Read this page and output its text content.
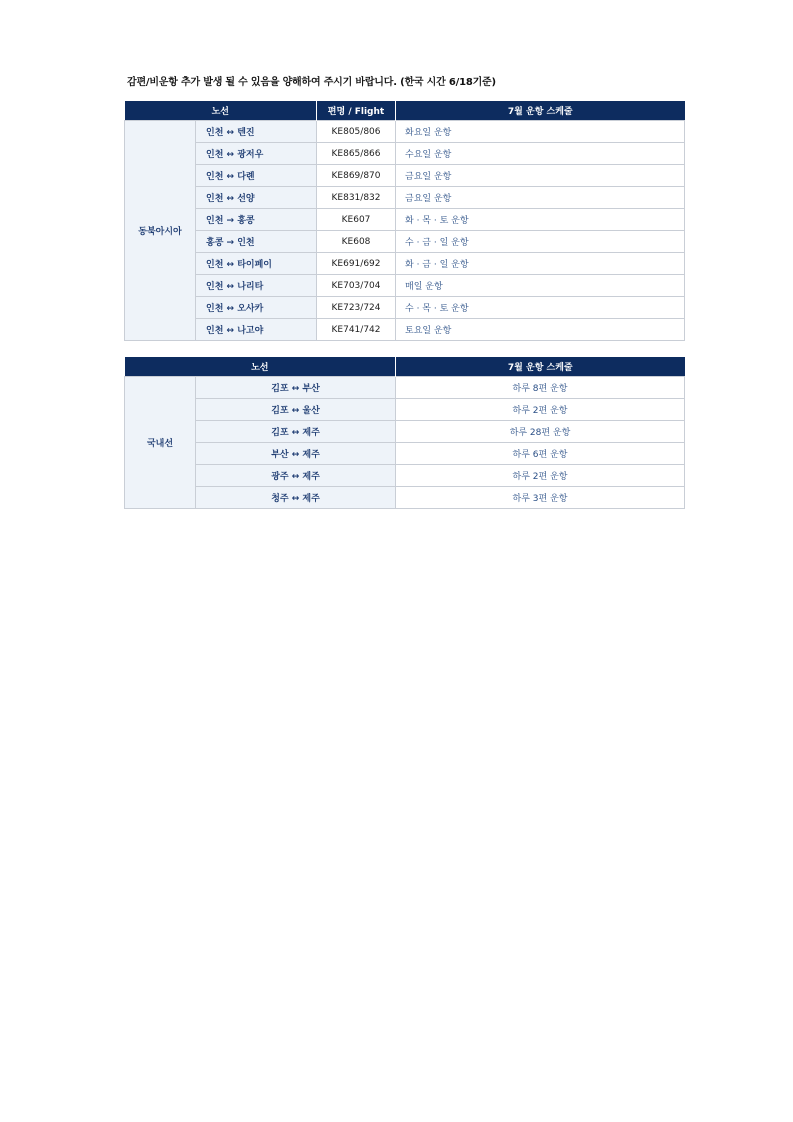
감편/비운항 추가 발생 될 수 있음을 양해하여 주시기 바랍니다. (한국 시간 6/18기준)
노선		편명 / Flight	7월 운항 스케줄
동북아시아	인천 ↔ 텐진	KE805/806	화요일 운항
	인천 ↔ 광저우	KE865/866	수요일 운항
	인천 ↔ 다롄	KE869/870	금요일 운항
	인천 ↔ 선양	KE831/832	금요일 운항
	인천 → 홍콩	KE607	화 · 목 · 토 운항
	홍콩 → 인천	KE608	수 · 금 · 일 운항
	인천 ↔ 타이페이	KE691/692	화 · 금 · 일 운항
	인천 ↔ 나리타	KE703/704	매일 운항
	인천 ↔ 오사카	KE723/724	수 · 목 · 토 운항
	인천 ↔ 나고야	KE741/742	토요일 운항
노선		7월 운항 스케줄
국내선	김포 ↔ 부산	하루 8편 운항
	김포 ↔ 울산	하루 2편 운항
	김포 ↔ 제주	하루 28편 운항
	부산 ↔ 제주	하루 6편 운항
	광주 ↔ 제주	하루 2편 운항
	청주 ↔ 제주	하루 3편 운항
